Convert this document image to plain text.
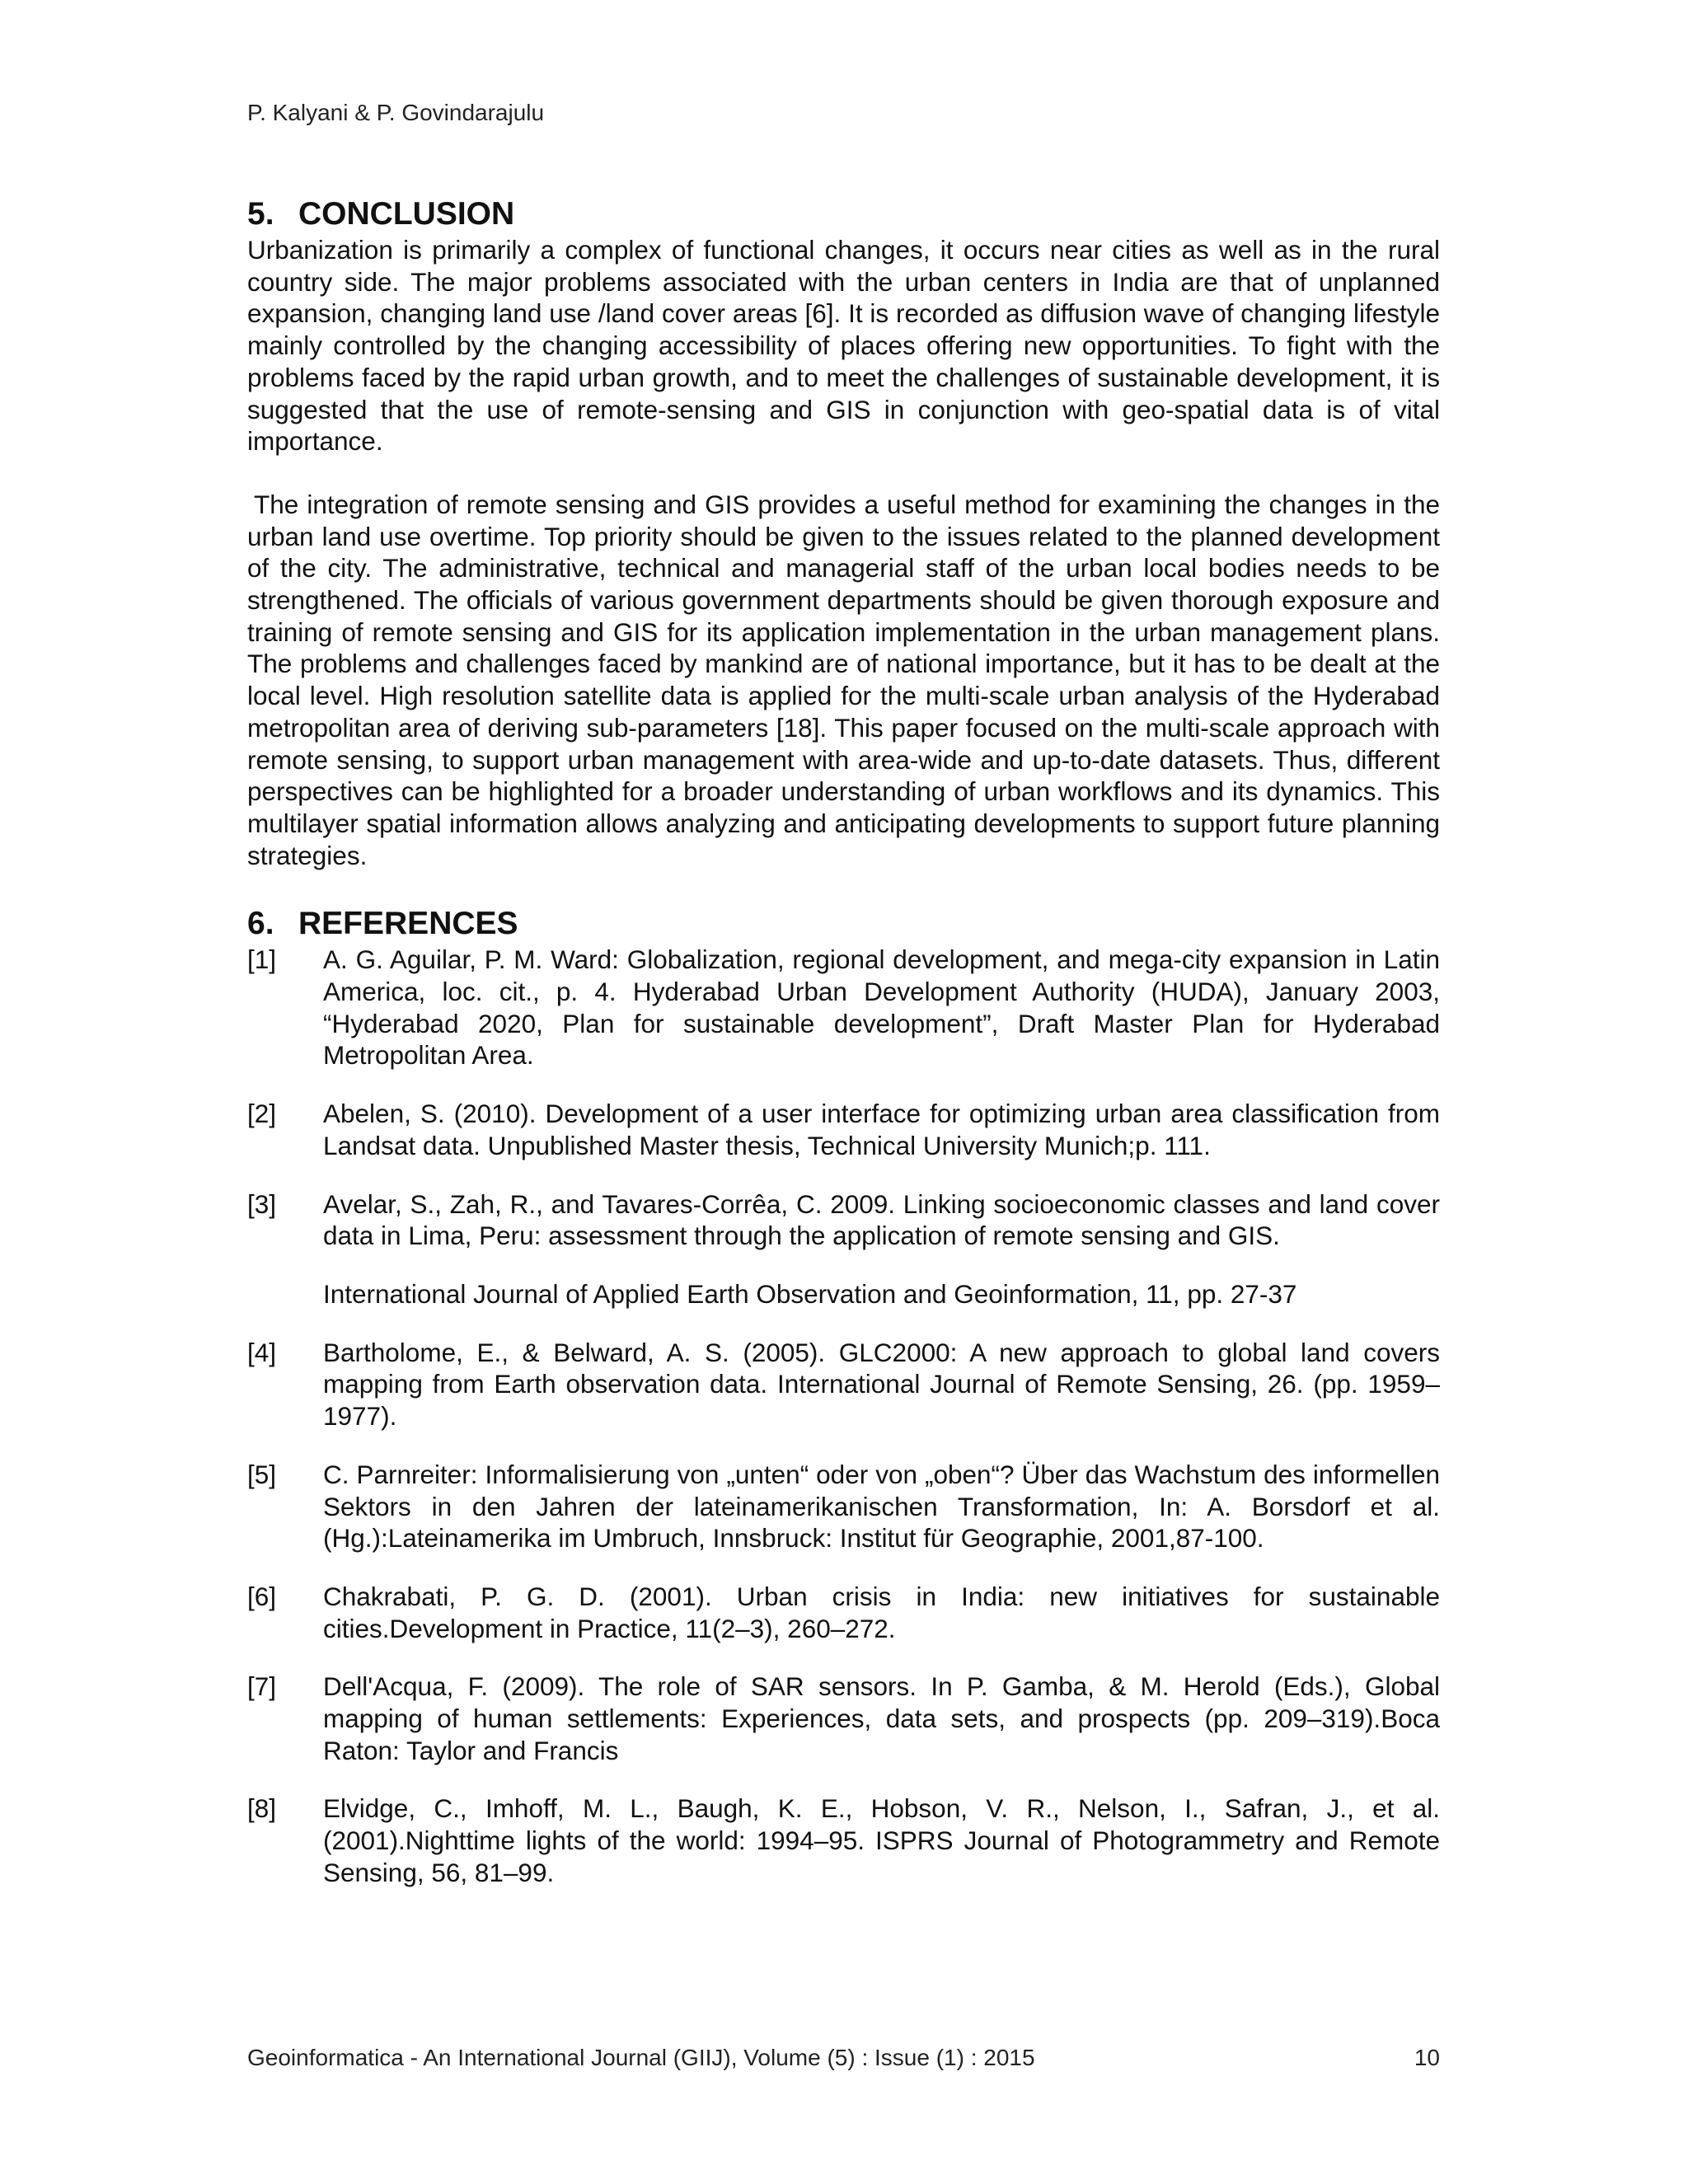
P. Kalyani & P. Govindarajulu
5. CONCLUSION

Urbanization is primarily a complex of functional changes, it occurs near cities as well as in the rural country side. The major problems associated with the urban centers in India are that of unplanned expansion, changing land use /land cover areas [6]. It is recorded as diffusion wave of changing lifestyle mainly controlled by the changing accessibility of places offering new opportunities. To fight with the problems faced by the rapid urban growth, and to meet the challenges of sustainable development, it is suggested that the use of remote-sensing and GIS in conjunction with geo-spatial data is of vital importance.

The integration of remote sensing and GIS provides a useful method for examining the changes in the urban land use overtime. Top priority should be given to the issues related to the planned development of the city. The administrative, technical and managerial staff of the urban local bodies needs to be strengthened. The officials of various government departments should be given thorough exposure and training of remote sensing and GIS for its application implementation in the urban management plans. The problems and challenges faced by mankind are of national importance, but it has to be dealt at the local level. High resolution satellite data is applied for the multi-scale urban analysis of the Hyderabad metropolitan area of deriving sub-parameters [18]. This paper focused on the multi-scale approach with remote sensing, to support urban management with area-wide and up-to-date datasets. Thus, different perspectives can be highlighted for a broader understanding of urban workflows and its dynamics. This multilayer spatial information allows analyzing and anticipating developments to support future planning strategies.

6. REFERENCES
[1]	A. G. Aguilar, P. M. Ward: Globalization, regional development, and mega-city expansion in Latin America, loc. cit., p. 4. Hyderabad Urban Development Authority (HUDA), January 2003, “Hyderabad 2020, Plan for sustainable development”, Draft Master Plan for Hyderabad Metropolitan Area.
[2]	Abelen, S. (2010). Development of a user interface for optimizing urban area classification from Landsat data. Unpublished Master thesis, Technical University Munich;p. 111.
[3]	Avelar, S., Zah, R., and Tavares-Corrêa, C. 2009. Linking socioeconomic classes and land cover data in Lima, Peru: assessment through the application of remote sensing and GIS.
International Journal of Applied Earth Observation and Geoinformation, 11, pp. 27-37
[4]	Bartholome, E., & Belward, A. S. (2005). GLC2000: A new approach to global land covers mapping from Earth observation data. International Journal of Remote Sensing, 26. (pp. 1959–1977).
[5]	C. Parnreiter: Informalisierung von „unten“ oder von „oben“? Über das Wachstum des informellen Sektors in den Jahren der lateinamerikanischen Transformation, In: A. Borsdorf et al. (Hg.):Lateinamerika im Umbruch, Innsbruck: Institut für Geographie, 2001,87-100.
[6]	Chakrabati, P. G. D. (2001). Urban crisis in India: new initiatives for sustainable cities.Development in Practice, 11(2–3), 260–272.
[7]	Dell'Acqua, F. (2009). The role of SAR sensors. In P. Gamba, & M. Herold (Eds.), Global mapping of human settlements: Experiences, data sets, and prospects (pp. 209–319).Boca Raton: Taylor and Francis
[8]	Elvidge, C., Imhoff, M. L., Baugh, K. E., Hobson, V. R., Nelson, I., Safran, J., et al. (2001).Nighttime lights of the world: 1994–95. ISPRS Journal of Photogrammetry and Remote Sensing, 56, 81–99.
Geoinformatica - An International Journal (GIIJ), Volume (5) : Issue (1) : 2015	10
